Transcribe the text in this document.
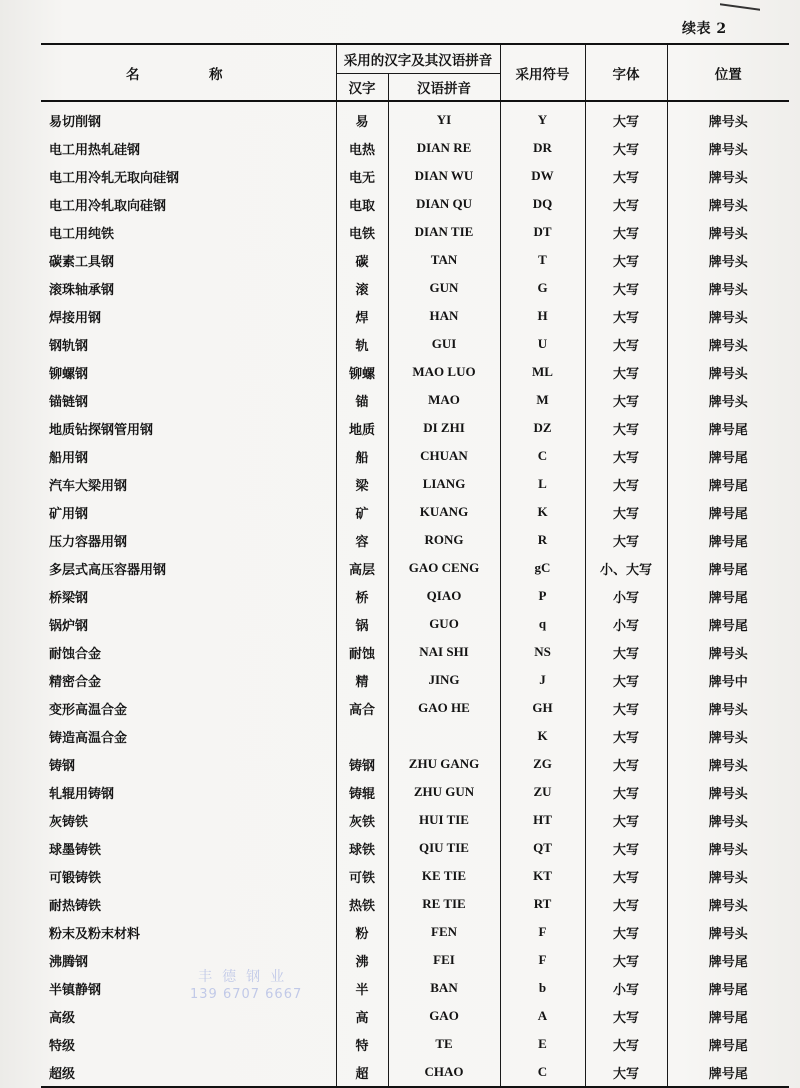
续表 2
名　称	采用的汉字及其汉语拼音		采用符号	字体	位置
	汉字	汉语拼音			
易切削钢	易	YI	Y	大写	牌号头
电工用热轧硅钢	电热	DIAN RE	DR	大写	牌号头
电工用冷轧无取向硅钢	电无	DIAN WU	DW	大写	牌号头
电工用冷轧取向硅钢	电取	DIAN QU	DQ	大写	牌号头
电工用纯铁	电铁	DIAN TIE	DT	大写	牌号头
碳素工具钢	碳	TAN	T	大写	牌号头
滚珠轴承钢	滚	GUN	G	大写	牌号头
焊接用钢	焊	HAN	H	大写	牌号头
钢轨钢	轨	GUI	U	大写	牌号头
铆螺钢	铆螺	MAO LUO	ML	大写	牌号头
锚链钢	锚	MAO	M	大写	牌号头
地质钻探钢管用钢	地质	DI ZHI	DZ	大写	牌号尾
船用钢	船	CHUAN	C	大写	牌号尾
汽车大梁用钢	梁	LIANG	L	大写	牌号尾
矿用钢	矿	KUANG	K	大写	牌号尾
压力容器用钢	容	RONG	R	大写	牌号尾
多层式高压容器用钢	高层	GAO CENG	gC	小、大写	牌号尾
桥梁钢	桥	QIAO	P	小写	牌号尾
锅炉钢	锅	GUO	q	小写	牌号尾
耐蚀合金	耐蚀	NAI SHI	NS	大写	牌号头
精密合金	精	JING	J	大写	牌号中
变形高温合金	高合	GAO HE	GH	大写	牌号头
铸造高温合金			K	大写	牌号头
铸钢	铸钢	ZHU GANG	ZG	大写	牌号头
轧辊用铸钢	铸辊	ZHU GUN	ZU	大写	牌号头
灰铸铁	灰铁	HUI TIE	HT	大写	牌号头
球墨铸铁	球铁	QIU TIE	QT	大写	牌号头
可锻铸铁	可铁	KE TIE	KT	大写	牌号头
耐热铸铁	热铁	RE TIE	RT	大写	牌号头
粉末及粉末材料	粉	FEN	F	大写	牌号头
沸腾钢	沸	FEI	F	大写	牌号尾
半镇静钢	半	BAN	b	小写	牌号尾
高级	高	GAO	A	大写	牌号尾
特级	特	TE	E	大写	牌号尾
超级	超	CHAO	C	大写	牌号尾
丰德钢业
139 6707 6667
